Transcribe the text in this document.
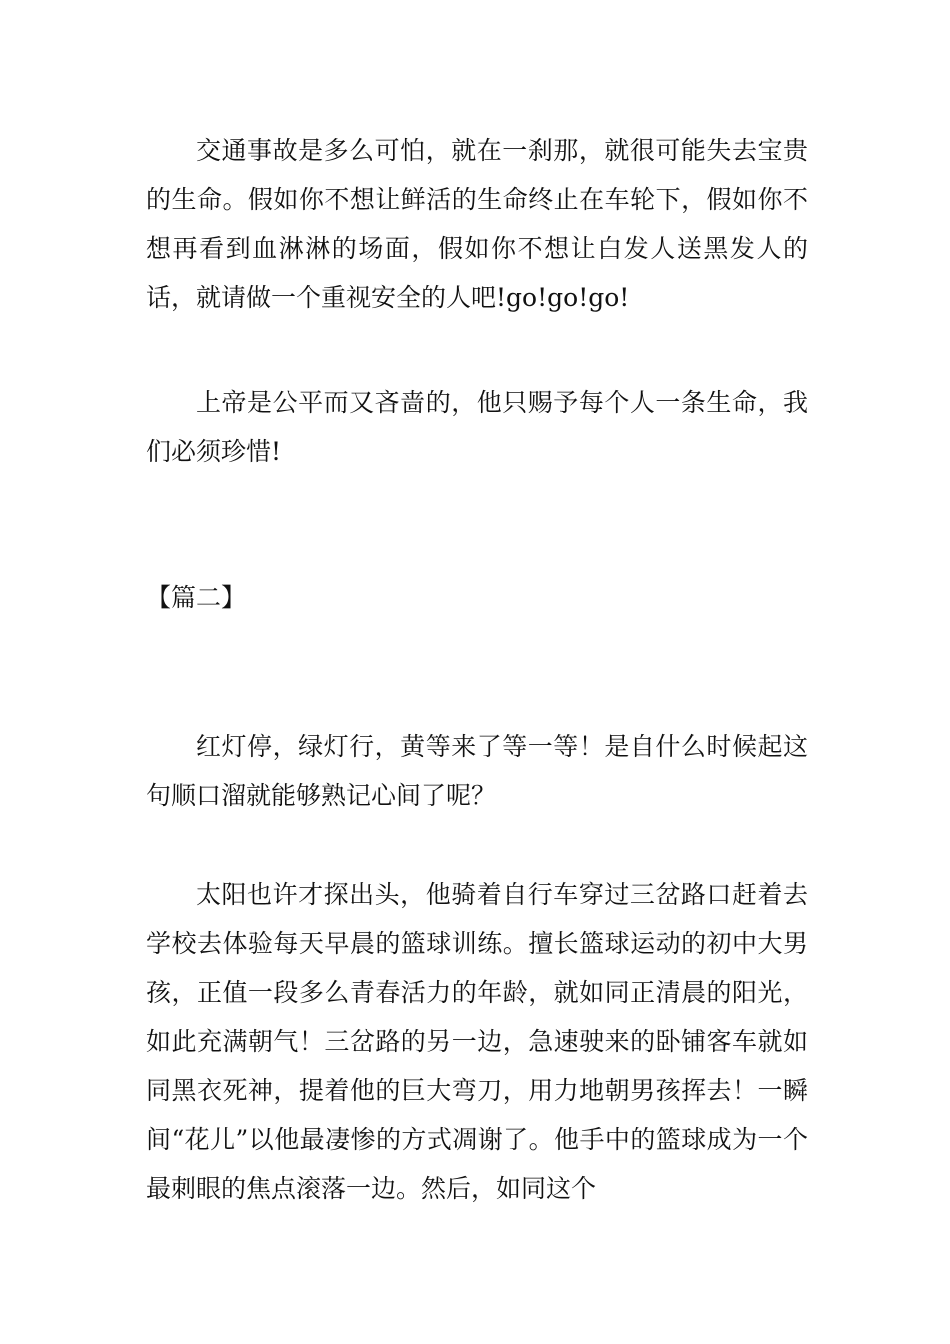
交通事故是多么可怕，就在一刹那，就很可能失去宝贵的生命。假如你不想让鲜活的生命终止在车轮下，假如你不想再看到血淋淋的场面，假如你不想让白发人送黑发人的话，就请做一个重视安全的人吧!go!go!go!

上帝是公平而又吝啬的，他只赐予每个人一条生命，我们必须珍惜!

【篇二】

红灯停，绿灯行，黄等来了等一等！是自什么时候起这句顺口溜就能够熟记心间了呢？

太阳也许才探出头，他骑着自行车穿过三岔路口赶着去学校去体验每天早晨的篮球训练。擅长篮球运动的初中大男孩，正值一段多么青春活力的年龄，就如同正清晨的阳光，如此充满朝气！三岔路的另一边，急速驶来的卧铺客车就如同黑衣死神，提着他的巨大弯刀，用力地朝男孩挥去！一瞬间“花儿”以他最凄惨的方式凋谢了。他手中的篮球成为一个最刺眼的焦点滚落一边。然后，如同这个
